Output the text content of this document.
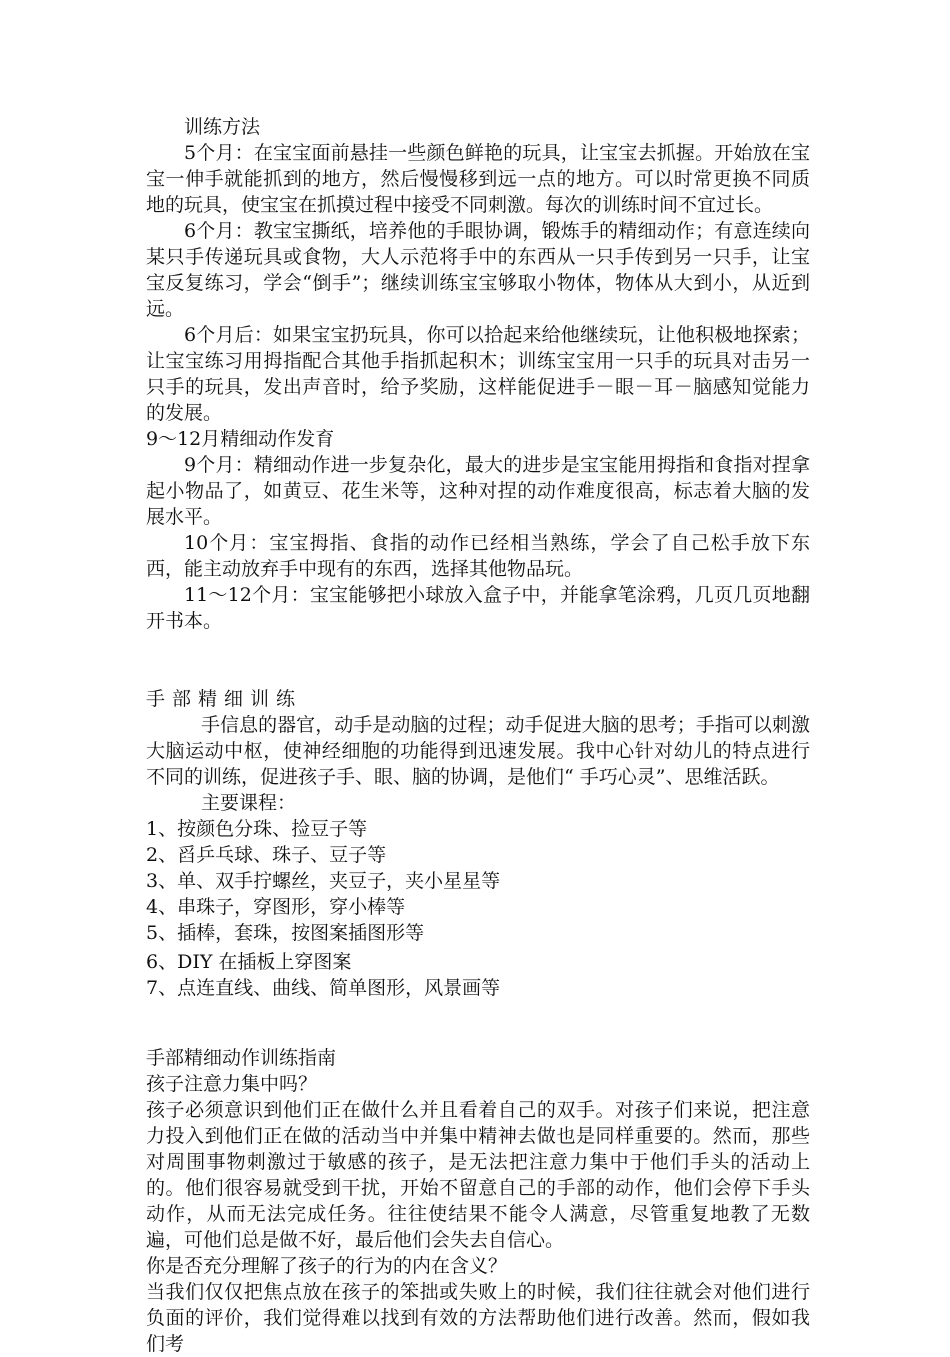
训练方法

5个月：在宝宝面前悬挂一些颜色鲜艳的玩具，让宝宝去抓握。开始放在宝宝一伸手就能抓到的地方，然后慢慢移到远一点的地方。可以时常更换不同质地的玩具，使宝宝在抓摸过程中接受不同刺激。每次的训练时间不宜过长。

6个月：教宝宝撕纸，培养他的手眼协调，锻炼手的精细动作；有意连续向某只手传递玩具或食物，大人示范将手中的东西从一只手传到另一只手，让宝宝反复练习，学会“倒手”；继续训练宝宝够取小物体，物体从大到小，从近到远。

6个月后：如果宝宝扔玩具，你可以拾起来给他继续玩，让他积极地探索；让宝宝练习用拇指配合其他手指抓起积木；训练宝宝用一只手的玩具对击另一只手的玩具，发出声音时，给予奖励，这样能促进手－眼－耳－脑感知觉能力的发展。

9～12月精细动作发育

9个月：精细动作进一步复杂化，最大的进步是宝宝能用拇指和食指对捏拿起小物品了，如黄豆、花生米等，这种对捏的动作难度很高，标志着大脑的发展水平。

10个月：宝宝拇指、食指的动作已经相当熟练，学会了自己松手放下东西，能主动放弃手中现有的东西，选择其他物品玩。

11～12个月：宝宝能够把小球放入盒子中，并能拿笔涂鸦，几页几页地翻开书本。

手部精细训练

手信息的器官，动手是动脑的过程；动手促进大脑的思考；手指可以刺激大脑运动中枢，使神经细胞的功能得到迅速发展。我中心针对幼儿的特点进行不同的训练，促进孩子手、眼、脑的协调，是他们“ 手巧心灵”、思维活跃。

主要课程：

1、按颜色分珠、捡豆子等

2、舀乒乓球、珠子、豆子等

3、单、双手拧螺丝，夹豆子，夹小星星等

4、串珠子，穿图形，穿小棒等

5、插棒，套珠，按图案插图形等

6、DIY 在插板上穿图案

7、点连直线、曲线、简单图形，风景画等

手部精细动作训练指南

孩子注意力集中吗？

孩子必须意识到他们正在做什么并且看着自己的双手。对孩子们来说，把注意力投入到他们正在做的活动当中并集中精神去做也是同样重要的。然而，那些对周围事物刺激过于敏感的孩子，是无法把注意力集中于他们手头的活动上的。他们很容易就受到干扰，开始不留意自己的手部的动作，他们会停下手头动作，从而无法完成任务。往往使结果不能令人满意，尽管重复地教了无数遍，可他们总是做不好，最后他们会失去自信心。

你是否充分理解了孩子的行为的内在含义？

当我们仅仅把焦点放在孩子的笨拙或失败上的时候，我们往往就会对他们进行负面的评价，我们觉得难以找到有效的方法帮助他们进行改善。然而，假如我们考
